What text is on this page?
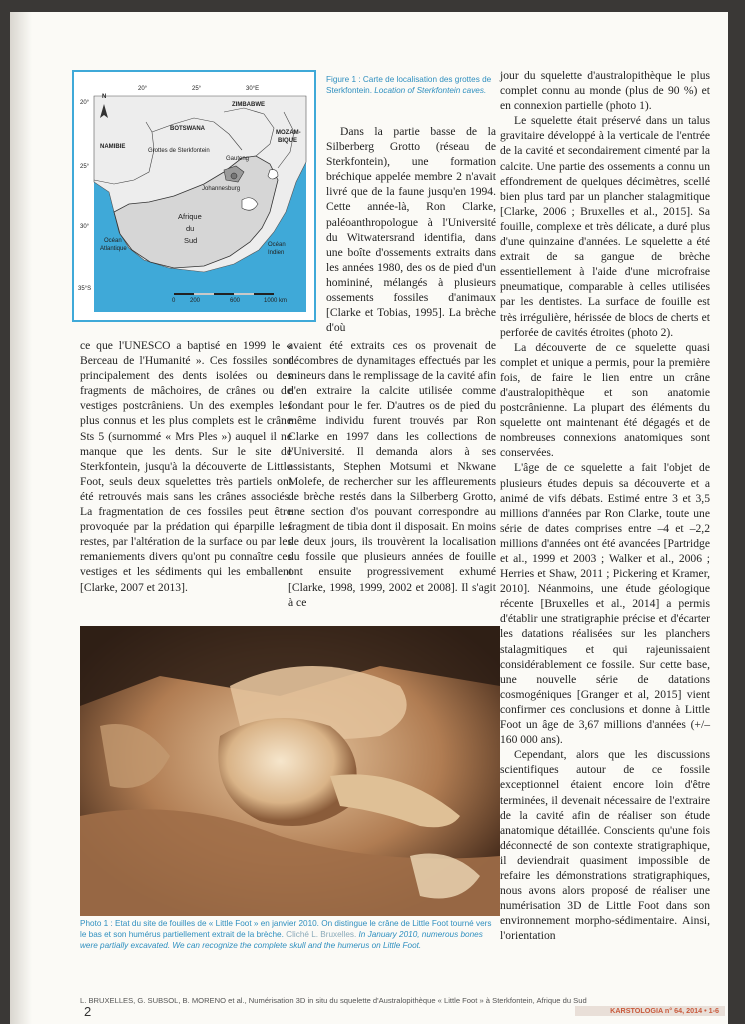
20°	25°	30°E
20°
25°
30°
35°S
BOTSWANA
ZIMBABWE
NAMIBIE
MOZAM-
BIQUE
Grottes de Sterkfontein
Gauteng
Johannesburg
Afrique
du
Sud
Océan
Atlantique
Océan
Indien
N
0 200	600	1000 km
Figure 1 : Carte de localisation des grottes de Sterkfontein. Location of Sterkfontein caves.

Dans la partie basse de la Silberberg Grotto (réseau de Sterkfontein), une formation bréchique appelée membre 2 n'avait livré que de la faune jusqu'en 1994. Cette année-là, Ron Clarke, paléoanthropologue à l'Université du Witwatersrand identifia, dans une boîte d'ossements extraits dans les années 1980, des os de pied d'un homininé, mélangés à plusieurs ossements fossiles d'animaux [Clarke et Tobias, 1995]. La brèche d'où

ce que l'UNESCO a baptisé en 1999 le « Berceau de l'Humanité ». Ces fossiles sont principalement des dents isolées ou des fragments de mâchoires, de crânes ou de vestiges postcrâniens. Un des exemples les plus connus et les plus complets est le crâne Sts 5 (surnommé « Mrs Ples ») auquel il ne manque que les dents. Sur le site de Sterkfontein, jusqu'à la découverte de Little Foot, seuls deux squelettes très partiels ont été retrouvés mais sans les crânes associés. La fragmentation de ces fossiles peut être provoquée par la prédation qui éparpille les restes, par l'altération de la surface ou par les remaniements divers qu'ont pu connaître ces vestiges et les sédiments qui les emballent [Clarke, 2007 et 2013].

avaient été extraits ces os provenait de décombres de dynamitages effectués par les mineurs dans le remplissage de la cavité afin d'en extraire la calcite utilisée comme fondant pour le fer. D'autres os de pied du même individu furent trouvés par Ron Clarke en 1997 dans les collections de l'Université. Il demanda alors à ses assistants, Stephen Motsumi et Nkwane Molefe, de rechercher sur les affleurements de brèche restés dans la Silberberg Grotto, une section d'os pouvant correspondre au fragment de tibia dont il disposait. En moins de deux jours, ils trouvèrent la localisation du fossile que plusieurs années de fouille ont ensuite progressivement exhumé [Clarke, 1998, 1999, 2002 et 2008]. Il s'agit à ce

jour du squelette d'australopithèque le plus complet connu au monde (plus de 90 %) et en connexion partielle (photo 1).

Le squelette était préservé dans un talus gravitaire développé à la verticale de l'entrée de la cavité et secondairement cimenté par la calcite. Une partie des ossements a connu un effondrement de quelques décimètres, scellé bien plus tard par un plancher stalagmitique [Clarke, 2006 ; Bruxelles et al., 2015]. Sa fouille, complexe et très délicate, a duré plus d'une quinzaine d'années. Le squelette a été extrait de sa gangue de brèche essentiellement à l'aide d'une microfraise pneumatique, comparable à celles utilisées par les dentistes. La surface de fouille est très irrégulière, hérissée de blocs de cherts et perforée de cavités étroites (photo 2).

La découverte de ce squelette quasi complet et unique a permis, pour la première fois, de faire le lien entre un crâne d'australopithèque et son anatomie postcrânienne. La plupart des éléments du squelette ont maintenant été dégagés et de nombreuses connexions anatomiques sont conservées.

L'âge de ce squelette a fait l'objet de plusieurs études depuis sa découverte et a animé de vifs débats. Estimé entre 3 et 3,5 millions d'années par Ron Clarke, toute une série de dates comprises entre –4 et –2,2 millions d'années ont été avancées [Partridge et al., 1999 et 2003 ; Walker et al., 2006 ; Herries et Shaw, 2011 ; Pickering et Kramer, 2010]. Néanmoins, une étude géologique récente [Bruxelles et al., 2014] a permis d'établir une stratigraphie précise et d'écarter les datations réalisées sur les planchers stalagmitiques et qui rajeunissaient considérablement ce fossile. Sur cette base, une nouvelle série de datations cosmogéniques [Granger et al, 2015] vient confirmer ces conclusions et donne à Little Foot un âge de 3,67 millions d'années (+/–160 000 ans).

Cependant, alors que les discussions scientifiques autour de ce fossile exceptionnel étaient encore loin d'être terminées, il devenait nécessaire de l'extraire de la cavité afin de réaliser son étude anatomique détaillée. Conscients qu'une fois déconnecté de son contexte stratigraphique, il deviendrait quasiment impossible de refaire les démonstrations stratigraphiques, nous avons alors proposé de réaliser une numérisation 3D de Little Foot dans son environnement morpho-sédimentaire. Ainsi, l'orientation

Photo 1 : Etat du site de fouilles de « Little Foot » en janvier 2010. On distingue le crâne de Little Foot tourné vers le bas et son humérus partiellement extrait de la brèche. Cliché L. Bruxelles. In January 2010, numerous bones were partially excavated. We can recognize the complete skull and the humerus on Little Foot.
L. BRUXELLES, G. SUBSOL, B. MORENO et al., Numérisation 3D in situ du squelette d'Australopithèque « Little Foot » à Sterkfontein, Afrique du Sud
2	KARSTOLOGIA n° 64, 2014 • 1-6
